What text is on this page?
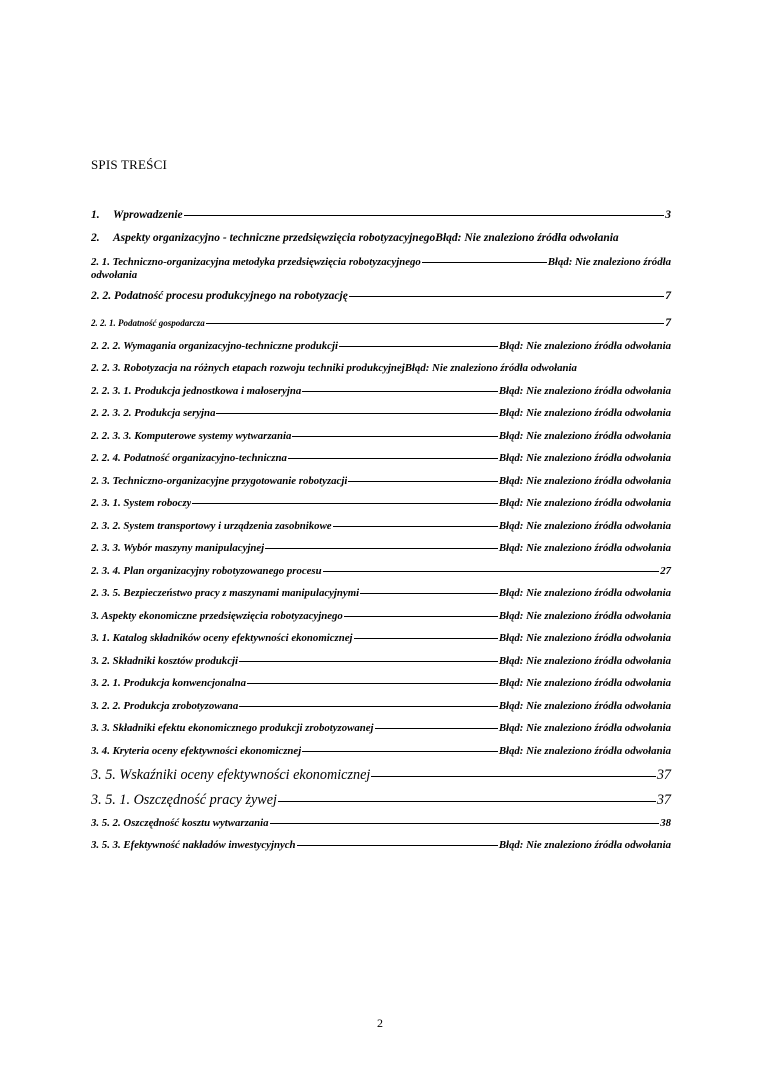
SPIS TREŚCI
1. Wprowadzenie	3
2. Aspekty organizacyjno - techniczne przedsięwzięcia robotyzacyjnego Błąd: Nie znaleziono źródła odwołania
2. 1. Techniczno-organizacyjna metodyka przedsięwzięcia robotyzacyjnego	Błąd: Nie znaleziono źródła
odwołania
2. 2. Podatność procesu produkcyjnego na robotyzację	7
2. 2. 1. Podatność gospodarcza	7
2. 2. 2. Wymagania organizacyjno-techniczne produkcji	Błąd: Nie znaleziono źródła odwołania
2. 2. 3. Robotyzacja na różnych etapach rozwoju techniki produkcyjnej Błąd: Nie znaleziono źródła odwołania
2. 2. 3. 1. Produkcja jednostkowa i małoseryjna	Błąd: Nie znaleziono źródła odwołania
2. 2. 3. 2. Produkcja seryjna	Błąd: Nie znaleziono źródła odwołania
2. 2. 3. 3. Komputerowe systemy wytwarzania	Błąd: Nie znaleziono źródła odwołania
2. 2. 4. Podatność organizacyjno-techniczna	Błąd: Nie znaleziono źródła odwołania
2. 3. Techniczno-organizacyjne przygotowanie robotyzacji	Błąd: Nie znaleziono źródła odwołania
2. 3. 1. System roboczy	Błąd: Nie znaleziono źródła odwołania
2. 3. 2. System transportowy i urządzenia zasobnikowe	Błąd: Nie znaleziono źródła odwołania
2. 3. 3. Wybór maszyny manipulacyjnej	Błąd: Nie znaleziono źródła odwołania
2. 3. 4. Plan organizacyjny robotyzowanego procesu	27
2. 3. 5. Bezpieczeństwo pracy z maszynami manipulacyjnymi	Błąd: Nie znaleziono źródła odwołania
3. Aspekty ekonomiczne przedsięwzięcia robotyzacyjnego	Błąd: Nie znaleziono źródła odwołania
3. 1. Katalog składników oceny efektywności ekonomicznej	Błąd: Nie znaleziono źródła odwołania
3. 2. Składniki kosztów produkcji	Błąd: Nie znaleziono źródła odwołania
3. 2. 1. Produkcja konwencjonalna	Błąd: Nie znaleziono źródła odwołania
3. 2. 2. Produkcja zrobotyzowana	Błąd: Nie znaleziono źródła odwołania
3. 3. Składniki efektu ekonomicznego produkcji zrobotyzowanej	Błąd: Nie znaleziono źródła odwołania
3. 4. Kryteria oceny efektywności ekonomicznej	Błąd: Nie znaleziono źródła odwołania
3. 5. Wskaźniki oceny efektywności ekonomicznej	37
3. 5. 1. Oszczędność pracy żywej	37
3. 5. 2. Oszczędność kosztu wytwarzania	38
3. 5. 3. Efektywność nakładów inwestycyjnych	Błąd: Nie znaleziono źródła odwołania
2
